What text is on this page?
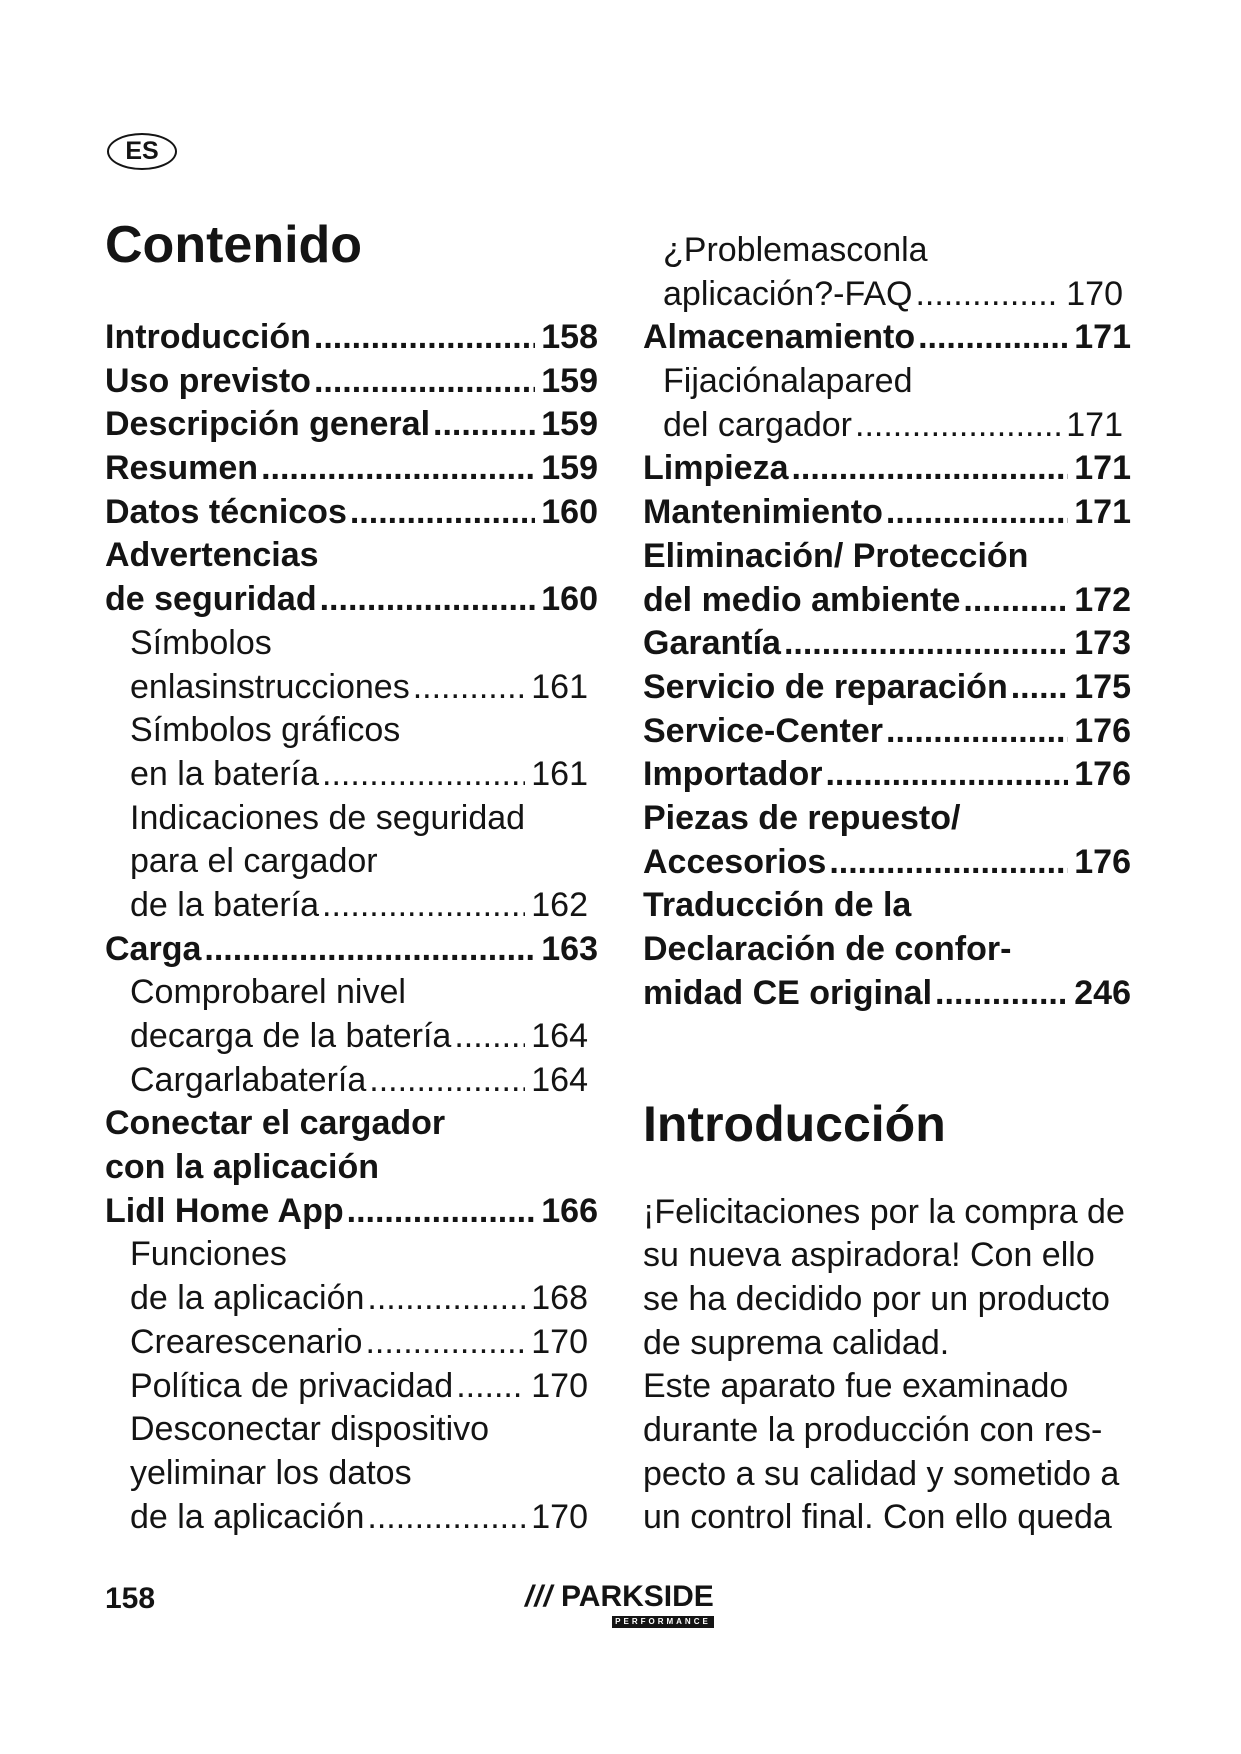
ES
Contenido
Introducción .....	158
Uso previsto .....	159
Descripción general .....	159
Resumen .....	159
Datos técnicos .....	160
Advertencias
de seguridad .....	160
Símbolos
enlasinstrucciones .....	161
Símbolos gráficos
en la batería .....	161
Indicaciones de seguridad
para el cargador
de la batería .....	162
Carga .....	163
Comprobarel nivel
decarga de la batería ..... 164
Cargarlabatería .....	164
Conectar el cargador
con la aplicación
Lidl Home App .....	166
Funciones
de la aplicación .....	168
Crearescenario .....	170
Política de privacidad ..... 170
Desconectar dispositivo
yeliminar los datos
de la aplicación .....	170
¿Problemasconla
aplicación?-FAQ .....	170
Almacenamiento .....	171
Fijaciónalapared
del cargador .....	171
Limpieza .....	171
Mantenimiento .....	171
Eliminación/ Protección
del medio ambiente .....	172
Garantía .....	173
Servicio de reparación ..... 175
Service-Center .....	176
Importador .....	176
Piezas de repuesto/
Accesorios .....	176
Traducción de la
Declaración de confor-
midad CE original .....	246
Introducción
¡Felicitaciones por la compra de
su nueva aspiradora! Con ello
se ha decidido por un producto
de suprema calidad.
Este aparato fue examinado
durante la producción con res-
pecto a su calidad y sometido a
un control final. Con ello queda
158	/// PARKSIDE
PERFORMANCE
